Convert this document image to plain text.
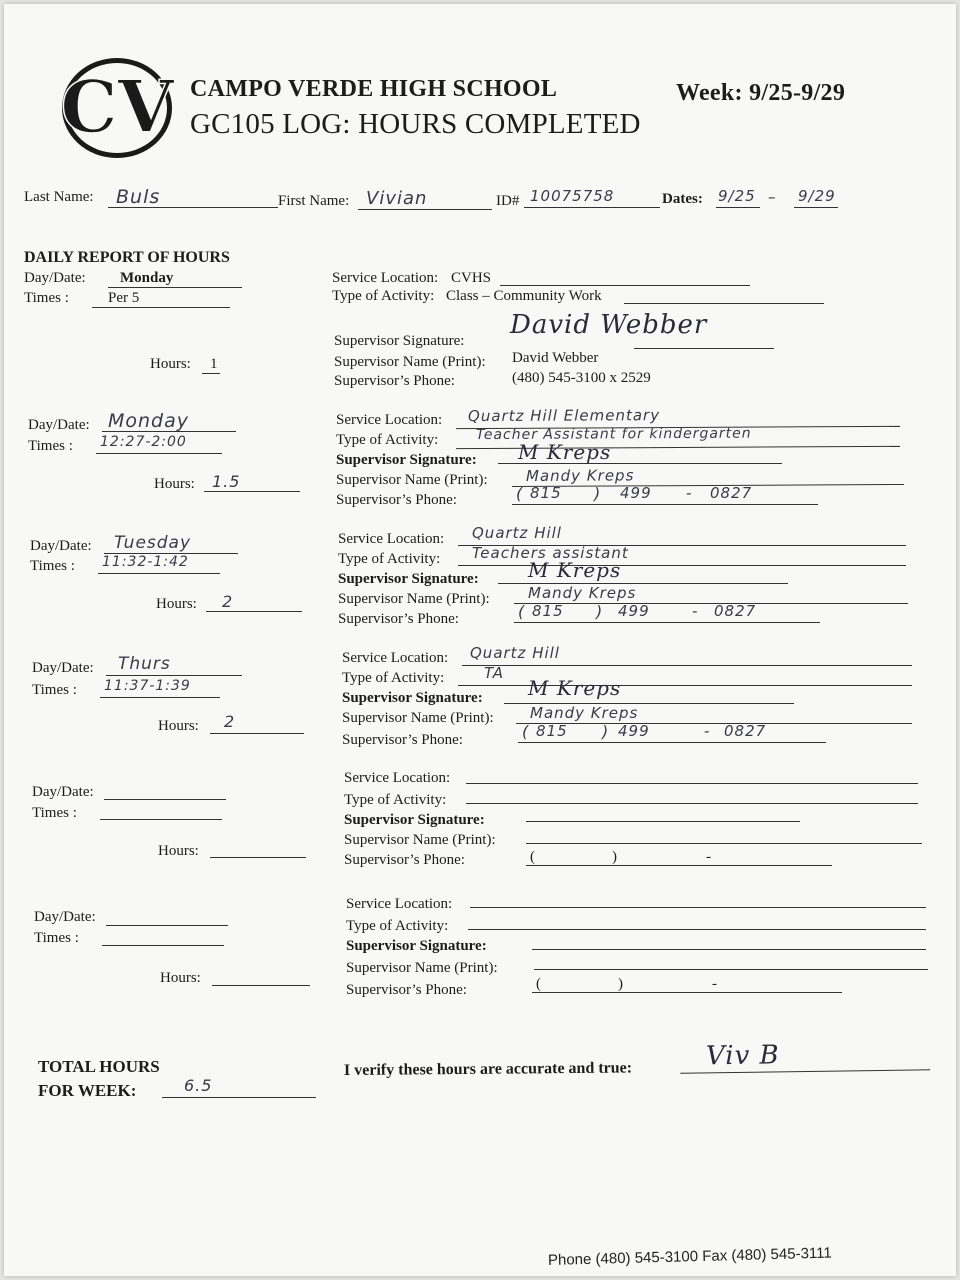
CV CAMPO VERDE HIGH SCHOOL	Week: 9/25-9/29
GC105 LOG: HOURS COMPLETED
Last Name: Buls	First Name: Vivian	ID# 10075758	Dates: 9/25 – 9/29
DAILY REPORT OF HOURS
Day/Date: Monday
Times :	Per 5
Hours: 1
Service Location: CVHS
Type of Activity: Class – Community Work
Supervisor Signature:
David Webber
Supervisor Name (Print): David Webber
Supervisor’s Phone:	(480) 545-3100 x 2529
Day/Date: Monday
Times : 12:27-2:00
Hours: 1.5
Service Location: Quartz Hill Elementary
Type of Activity:	Teacher Assistant for kindergarten
Supervisor Signature: M Kreps
Supervisor Name (Print):	Mandy Kreps
Supervisor’s Phone:	( 815 ) 499 - 0827
Day/Date: Tuesday
Times : 11:32-1:42
Hours: 2
Service Location: Quartz Hill
Type of Activity: Teachers assistant
Supervisor Signature: M Kreps
Supervisor Name (Print):	Mandy Kreps
Supervisor’s Phone:	( 815 ) 499	- 0827
Day/Date: Thurs
Times : 11:37-1:39
Hours: 2
Service Location: Quartz Hill
Type of Activity:	TA
Supervisor Signature: M Kreps
Supervisor Name (Print): Mandy Kreps
Supervisor’s Phone:	( 815 ) 499	- 0827
Day/Date:
Times :
Hours:
Service Location:
Type of Activity:
Supervisor Signature:
Supervisor Name (Print):
Supervisor’s Phone:	(	)	-
Day/Date:
Times :
Hours:
Service Location:
Type of Activity:
Supervisor Signature:
Supervisor Name (Print):
Supervisor’s Phone:	(	)	-
TOTAL HOURS
FOR WEEK:	6.5
I verify these hours are accurate and true:	Viv B
Phone (480) 545-3100 Fax (480) 545-3111
